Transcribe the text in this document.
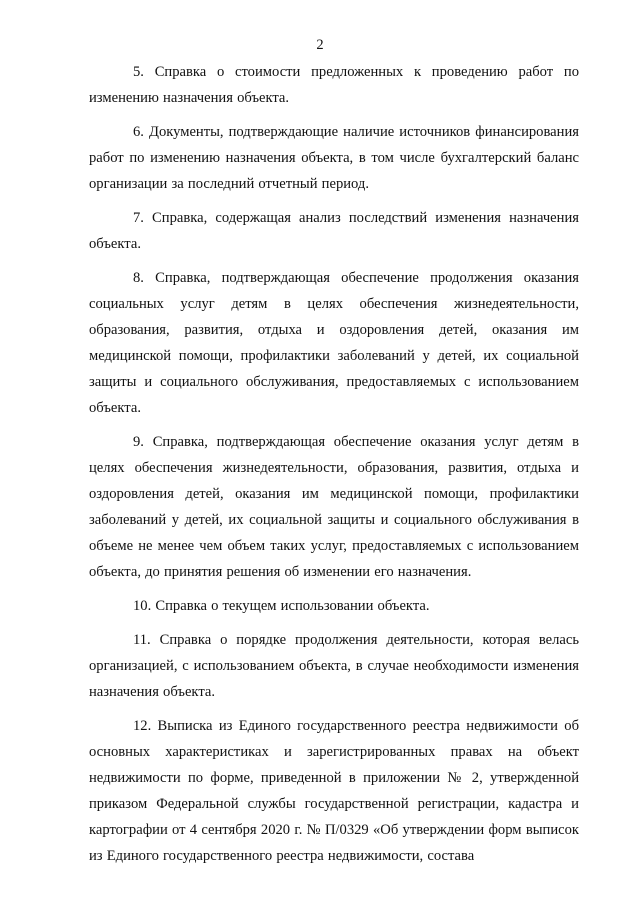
2

5. Справка о стоимости предложенных к проведению работ по изменению назначения объекта.

6. Документы, подтверждающие наличие источников финансирования работ по изменению назначения объекта, в том числе бухгалтерский баланс организации за последний отчетный период.

7. Справка, содержащая анализ последствий изменения назначения объекта.

8. Справка, подтверждающая обеспечение продолжения оказания социальных услуг детям в целях обеспечения жизнедеятельности, образования, развития, отдыха и оздоровления детей, оказания им медицинской помощи, профилактики заболеваний у детей, их социальной защиты и социального обслуживания, предоставляемых с использованием объекта.

9. Справка, подтверждающая обеспечение оказания услуг детям в целях обеспечения жизнедеятельности, образования, развития, отдыха и оздоровления детей, оказания им медицинской помощи, профилактики заболеваний у детей, их социальной защиты и социального обслуживания в объеме не менее чем объем таких услуг, предоставляемых с использованием объекта, до принятия решения об изменении его назначения.

10. Справка о текущем использовании объекта.

11. Справка о порядке продолжения деятельности, которая велась организацией, с использованием объекта, в случае необходимости изменения назначения объекта.

12. Выписка из Единого государственного реестра недвижимости об основных характеристиках и зарегистрированных правах на объект недвижимости по форме, приведенной в приложении № 2, утвержденной приказом Федеральной службы государственной регистрации, кадастра и картографии от 4 сентября 2020 г. № П/0329 «Об утверждении форм выписок из Единого государственного реестра недвижимости, состава
